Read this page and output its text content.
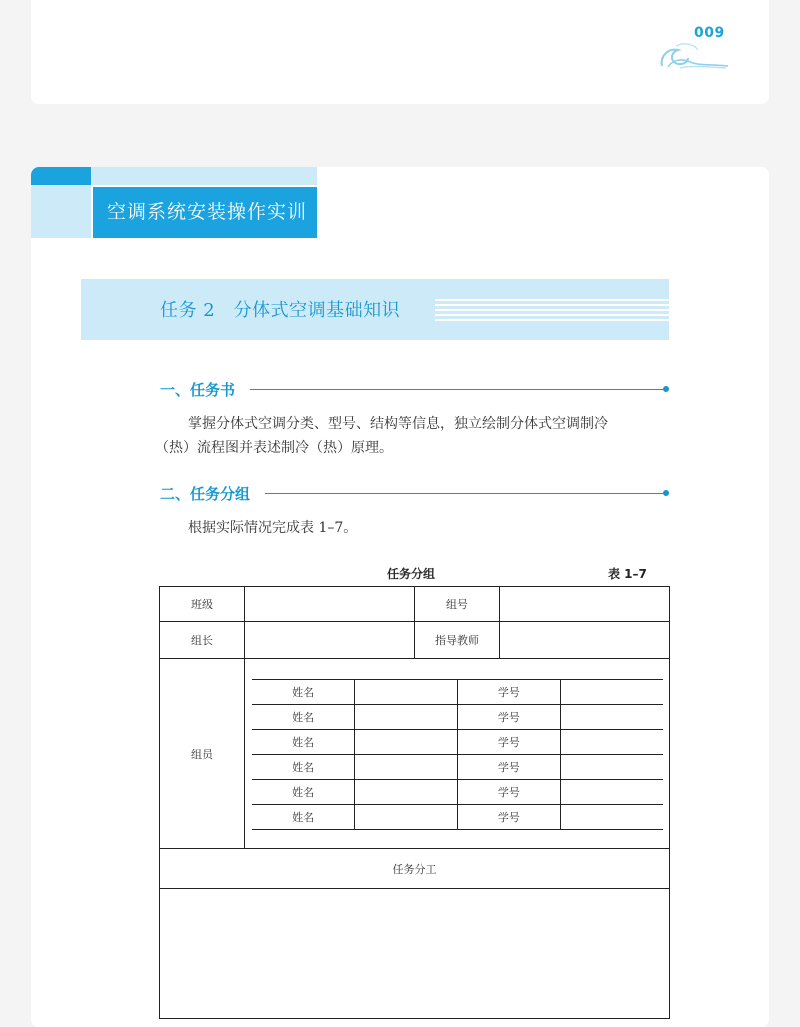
009
空调系统安装操作实训
任务 2　分体式空调基础知识
一、任务书
掌握分体式空调分类、型号、结构等信息，独立绘制分体式空调制冷
（热）流程图并表述制冷（热）原理。
二、任务分组
根据实际情况完成表 1–7。
任务分组	表 1–7
班级		组号	
组长		指导教师	
组员	
姓名		学号	
姓名		学号	
姓名		学号	
姓名		学号	
姓名		学号	
姓名		学号	

任务分工
